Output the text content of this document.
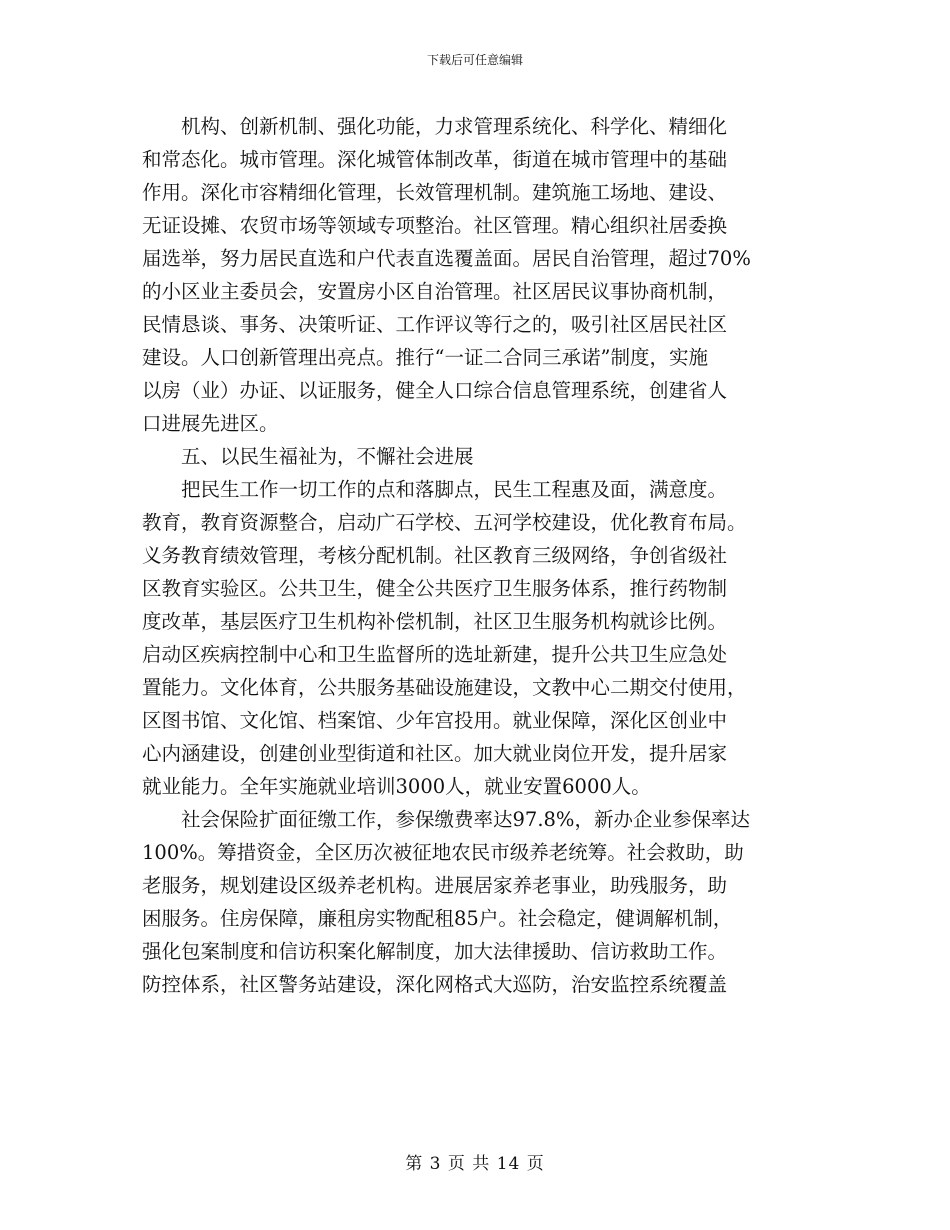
下载后可任意编辑

　　机构、创新机制、强化功能，力求管理系统化、科学化、精细化
和常态化。城市管理。深化城管体制改革，街道在城市管理中的基础
作用。深化市容精细化管理，长效管理机制。建筑施工场地、建设、
无证设摊、农贸市场等领域专项整治。社区管理。精心组织社居委换
届选举，努力居民直选和户代表直选覆盖面。居民自治管理，超过70%
的小区业主委员会，安置房小区自治管理。社区居民议事协商机制，
民情恳谈、事务、决策听证、工作评议等行之的，吸引社区居民社区
建设。人口创新管理出亮点。推行“一证二合同三承诺”制度，实施
以房（业）办证、以证服务，健全人口综合信息管理系统，创建省人
口进展先进区。

　　五、以民生福祉为，不懈社会进展

　　把民生工作一切工作的点和落脚点，民生工程惠及面，满意度。
教育，教育资源整合，启动广石学校、五河学校建设，优化教育布局。
义务教育绩效管理，考核分配机制。社区教育三级网络，争创省级社
区教育实验区。公共卫生，健全公共医疗卫生服务体系，推行药物制
度改革，基层医疗卫生机构补偿机制，社区卫生服务机构就诊比例。
启动区疾病控制中心和卫生监督所的选址新建，提升公共卫生应急处
置能力。文化体育，公共服务基础设施建设，文教中心二期交付使用，
区图书馆、文化馆、档案馆、少年宫投用。就业保障，深化区创业中
心内涵建设，创建创业型街道和社区。加大就业岗位开发，提升居家
就业能力。全年实施就业培训3000人，就业安置6000人。

　　社会保险扩面征缴工作，参保缴费率达97.8%，新办企业参保率达
100%。筹措资金，全区历次被征地农民市级养老统筹。社会救助，助
老服务，规划建设区级养老机构。进展居家养老事业，助残服务，助
困服务。住房保障，廉租房实物配租85户。社会稳定，健调解机制，
强化包案制度和信访积案化解制度，加大法律援助、信访救助工作。
防控体系，社区警务站建设，深化网格式大巡防，治安监控系统覆盖

第 3 页 共 14 页
